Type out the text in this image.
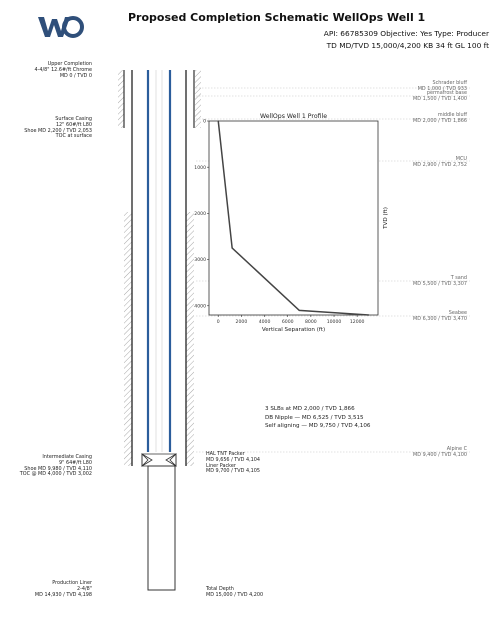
WO
Proposed Completion Schematic WellOps Well 1
API: 66785309 Objective: Yes Type: Producer
TD MD/TVD 15,000/4,200 KB 34 ft GL 100 ft
WellOps Well 1 Profile
0	2000 4000 6000 8000 10000 12000
0
1000
2000
3000
4000
Vertical Separation (ft)
TVD (ft)
Upper Completion
4-4/8" 12.6#/ft Chrome
MD 0 / TVD 0
Surface Casing
12" 60#/ft L80
Shoe MD 2,200 / TVD 2,053
TOC at surface
Intermediate Casing
9" 64#/ft L80
Shoe MD 9,980 / TVD 4,110
TOC @ MD 4,000 / TVD 3,002
Production Liner
2-4/8"
MD 14,930 / TVD 4,198
HAL TNT Packer
MD 9,656 / TVD 4,104
Liner Packer
MD 9,700 / TVD 4,105
Total Depth
MD 15,000 / TVD 4,200
3 SLBs at MD 2,000 / TVD 1,866
DB Nipple — MD 6,525 / TVD 3,515
Self aligning — MD 9,750 / TVD 4,106
Schrader bluff
MD 1,000 / TVD 933
permafrost base
MD 1,500 / TVD 1,400
middle bluff
MD 2,000 / TVD 1,866
MCU
MD 2,900 / TVD 2,752
T sand
MD 5,500 / TVD 3,307
Seabee
MD 6,300 / TVD 3,470
Alpine C
MD 9,400 / TVD 4,100
